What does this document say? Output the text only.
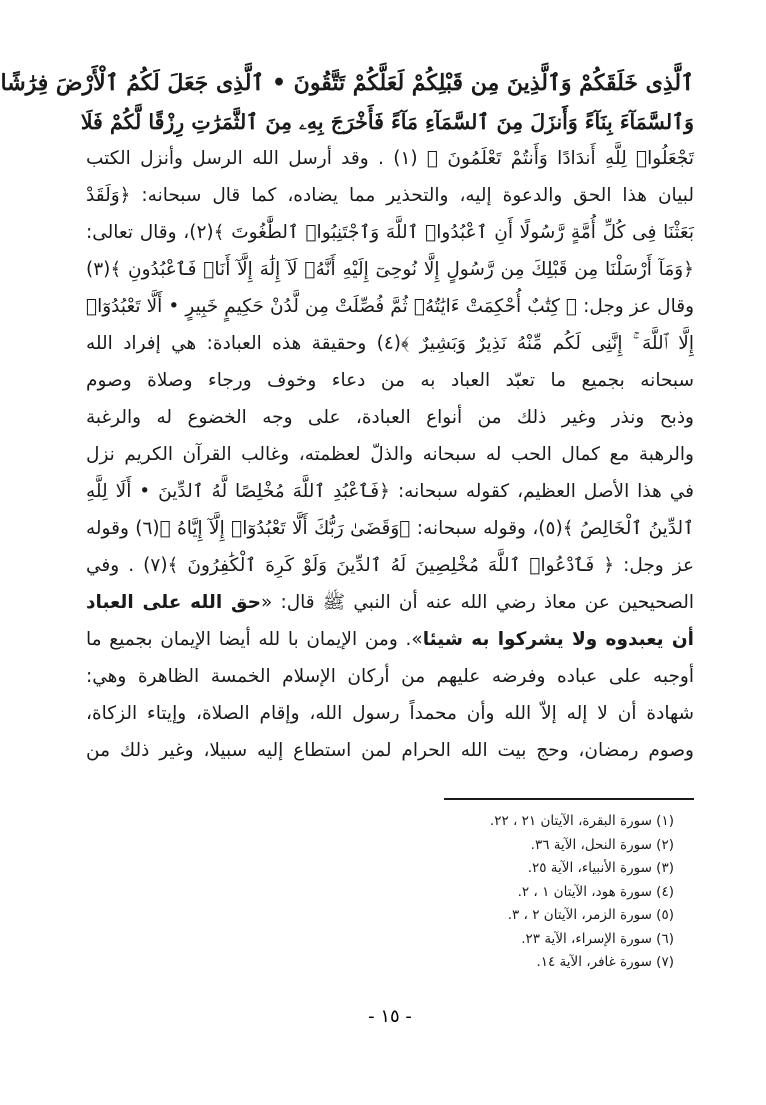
ٱلَّذِى خَلَقَكُمْ وَٱلَّذِينَ مِن قَبْلِكُمْ لَعَلَّكُمْ تَتَّقُونَ • ٱلَّذِى جَعَلَ لَكُمُ ٱلْأَرْضَ فِرَٰشًا
وَٱلسَّمَآءَ بِنَآءً وَأَنزَلَ مِنَ ٱلسَّمَآءِ مَآءً فَأَخْرَجَ بِهِۦ مِنَ ٱلثَّمَرَٰتِ رِزْقًا لَّكُمْ فَلَا
تَجْعَلُوا۟ لِلَّهِ أَندَادًا وَأَنتُمْ تَعْلَمُونَ ﴾ (١) . وقد أرسل الله الرسل وأنزل الكتب
لبيان هذا الحق والدعوة إليه، والتحذير مما يضاده، كما قال سبحانه: ﴿وَلَقَدْ
بَعَثْنَا فِى كُلِّ أُمَّةٍ رَّسُولًا أَنِ ٱعْبُدُوا۟ ٱللَّهَ وَٱجْتَنِبُوا۟ ٱلطَّٰغُوتَ ﴾(٢)، وقال تعالى:
﴿وَمَآ أَرْسَلْنَا مِن قَبْلِكَ مِن رَّسُولٍ إِلَّا نُوحِىٓ إِلَيْهِ أَنَّهُۥ لَآ إِلَٰهَ إِلَّآ أَنَا۠ فَٱعْبُدُونِ ﴾(٣)
وقال عز وجل: ﴿ كِتَٰبٌ أُحْكِمَتْ ءَايَٰتُهُۥ ثُمَّ فُصِّلَتْ مِن لَّدُنْ حَكِيمٍ خَبِيرٍ • أَلَّا تَعْبُدُوٓا۟
إِلَّا ٱللَّهَ ۚ إِنَّنِى لَكُم مِّنْهُ نَذِيرٌ وَبَشِيرٌ ﴾(٤) وحقيقة هذه العبادة: هي إفراد الله
سبحانه بجميع ما تعبّد العباد به من دعاء وخوف ورجاء وصلاة وصوم
وذبح ونذر وغير ذلك من أنواع العبادة، على وجه الخضوع له والرغبة
والرهبة مع كمال الحب له سبحانه والذلّ لعظمته، وغالب القرآن الكريم نزل
في هذا الأصل العظيم، كقوله سبحانه: ﴿فَٱعْبُدِ ٱللَّهَ مُخْلِصًا لَّهُ ٱلدِّينَ • أَلَا لِلَّهِ
ٱلدِّينُ ٱلْخَالِصُ ﴾(٥)، وقوله سبحانه: ﴿وَقَضَىٰ رَبُّكَ أَلَّا تَعْبُدُوٓا۟ إِلَّآ إِيَّاهُ ﴾(٦) وقوله
عز وجل: ﴿ فَٱدْعُوا۟ ٱللَّهَ مُخْلِصِينَ لَهُ ٱلدِّينَ وَلَوْ كَرِهَ ٱلْكَٰفِرُونَ ﴾(٧) . وفي
الصحيحين عن معاذ رضي الله عنه أن النبي ﷺ قال: «حق الله على العباد
أن يعبدوه ولا يشركوا به شيئا». ومن الإيمان با لله أيضا الإيمان بجميع ما
أوجبه على عباده وفرضه عليهم من أركان الإسلام الخمسة الظاهرة وهي:
شهادة أن لا إله إلاّ الله وأن محمداً رسول الله، وإقام الصلاة، وإيتاء الزكاة،
وصوم رمضان، وحج بيت الله الحرام لمن استطاع إليه سبيلا، وغير ذلك من
(١) سورة البقرة، الآيتان ٢١ ، ٢٢.
(٢) سورة النحل، الآية ٣٦.
(٣) سورة الأنبياء، الآية ٢٥.
(٤) سورة هود، الآيتان ١ ، ٢.
(٥) سورة الزمر، الآيتان ٢ ، ٣.
(٦) سورة الإسراء، الآية ٢٣.
(٧) سورة غافر، الآية ١٤.
- ١٥ -
